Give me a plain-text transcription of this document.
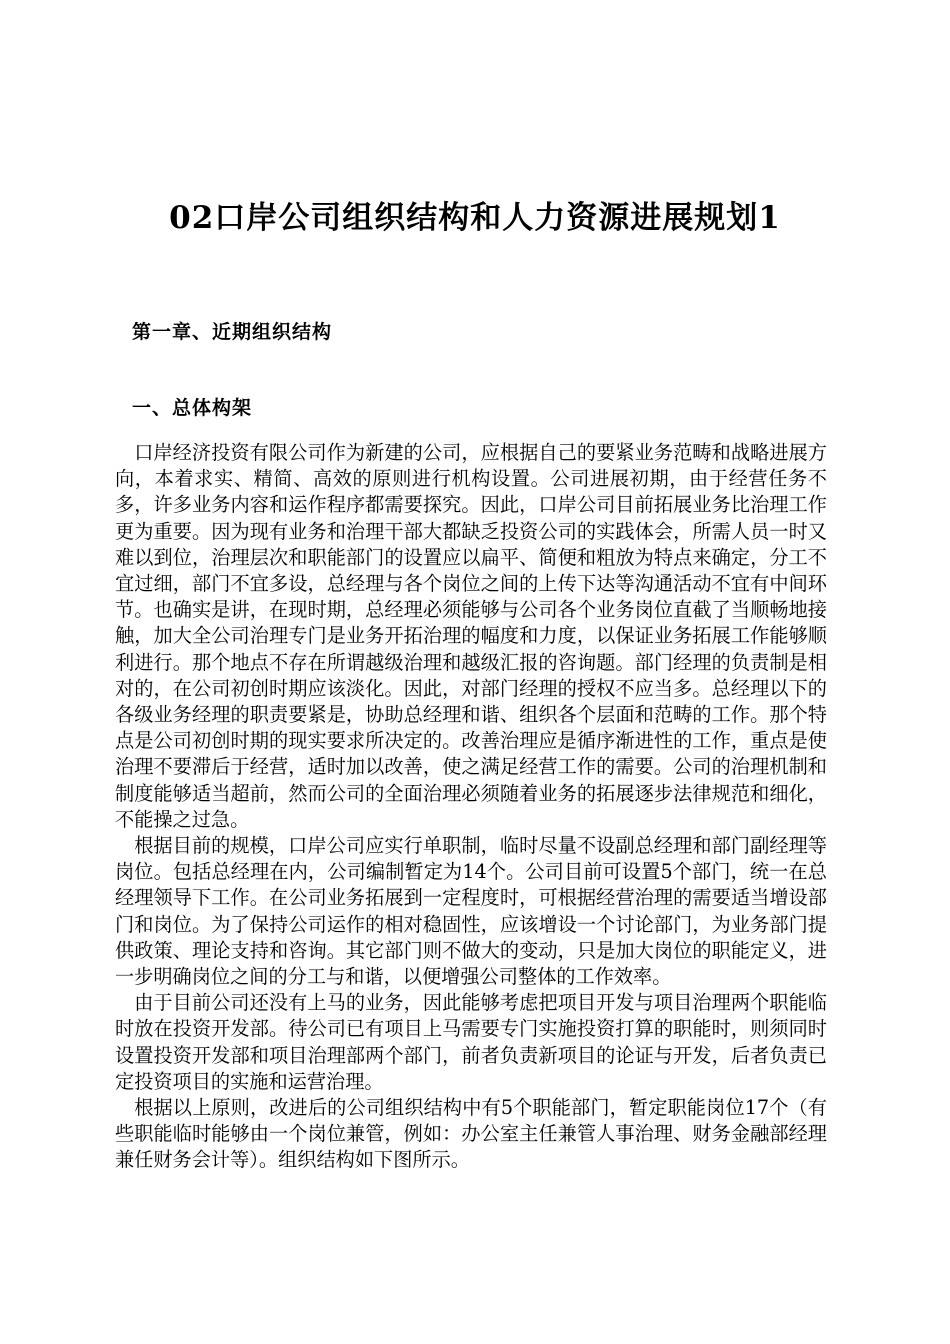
02口岸公司组织结构和人力资源进展规划1
第一章、近期组织结构
一、总体构架

口岸经济投资有限公司作为新建的公司，应根据自己的要紧业务范畴和战略进展方向，本着求实、精简、高效的原则进行机构设置。公司进展初期，由于经营任务不多，许多业务内容和运作程序都需要探究。因此，口岸公司目前拓展业务比治理工作更为重要。因为现有业务和治理干部大都缺乏投资公司的实践体会，所需人员一时又难以到位，治理层次和职能部门的设置应以扁平、简便和粗放为特点来确定，分工不宜过细，部门不宜多设，总经理与各个岗位之间的上传下达等沟通活动不宜有中间环节。也确实是讲，在现时期，总经理必须能够与公司各个业务岗位直截了当顺畅地接触，加大全公司治理专门是业务开拓治理的幅度和力度，以保证业务拓展工作能够顺利进行。那个地点不存在所谓越级治理和越级汇报的咨询题。部门经理的负责制是相对的，在公司初创时期应该淡化。因此，对部门经理的授权不应当多。总经理以下的各级业务经理的职责要紧是，协助总经理和谐、组织各个层面和范畴的工作。那个特点是公司初创时期的现实要求所决定的。改善治理应是循序渐进性的工作，重点是使治理不要滞后于经营，适时加以改善，使之满足经营工作的需要。公司的治理机制和制度能够适当超前，然而公司的全面治理必须随着业务的拓展逐步法律规范和细化，不能操之过急。

根据目前的规模，口岸公司应实行单职制，临时尽量不设副总经理和部门副经理等岗位。包括总经理在内，公司编制暂定为14个。公司目前可设置5个部门，统一在总经理领导下工作。在公司业务拓展到一定程度时，可根据经营治理的需要适当增设部门和岗位。为了保持公司运作的相对稳固性，应该增设一个讨论部门，为业务部门提供政策、理论支持和咨询。其它部门则不做大的变动，只是加大岗位的职能定义，进一步明确岗位之间的分工与和谐，以便增强公司整体的工作效率。

由于目前公司还没有上马的业务，因此能够考虑把项目开发与项目治理两个职能临时放在投资开发部。待公司已有项目上马需要专门实施投资打算的职能时，则须同时设置投资开发部和项目治理部两个部门，前者负责新项目的论证与开发，后者负责已定投资项目的实施和运营治理。

根据以上原则，改进后的公司组织结构中有5个职能部门，暂定职能岗位17个（有些职能临时能够由一个岗位兼管，例如：办公室主任兼管人事治理、财务金融部经理兼任财务会计等）。组织结构如下图所示。
